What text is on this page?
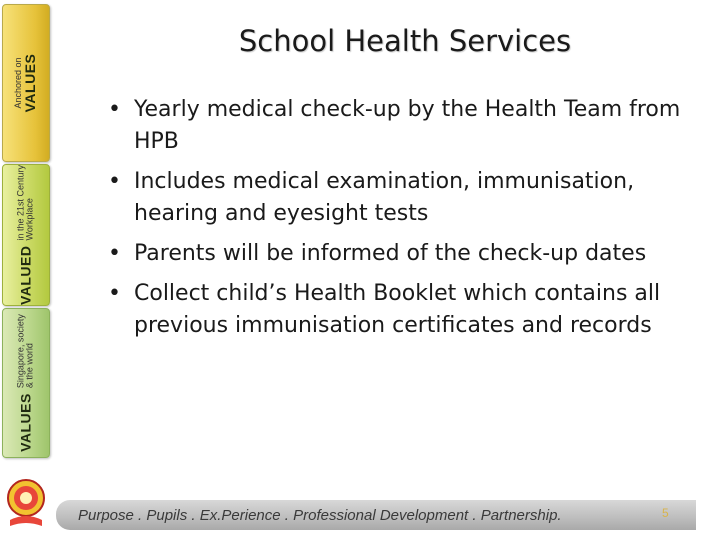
Anchored on VALUES
VALUED
in the 21st Century Workplace
VALUES
Singapore, society & the world
School Health Services
• Yearly medical check-up by the Health Team from HPB
• Includes medical examination, immunisation, hearing and eyesight tests
• Parents will be informed of the check-up dates
• Collect child’s Health Booklet which contains all previous immunisation certificates and records
Purpose . Pupils . Ex.Perience . Professional Development . Partnership.	5
